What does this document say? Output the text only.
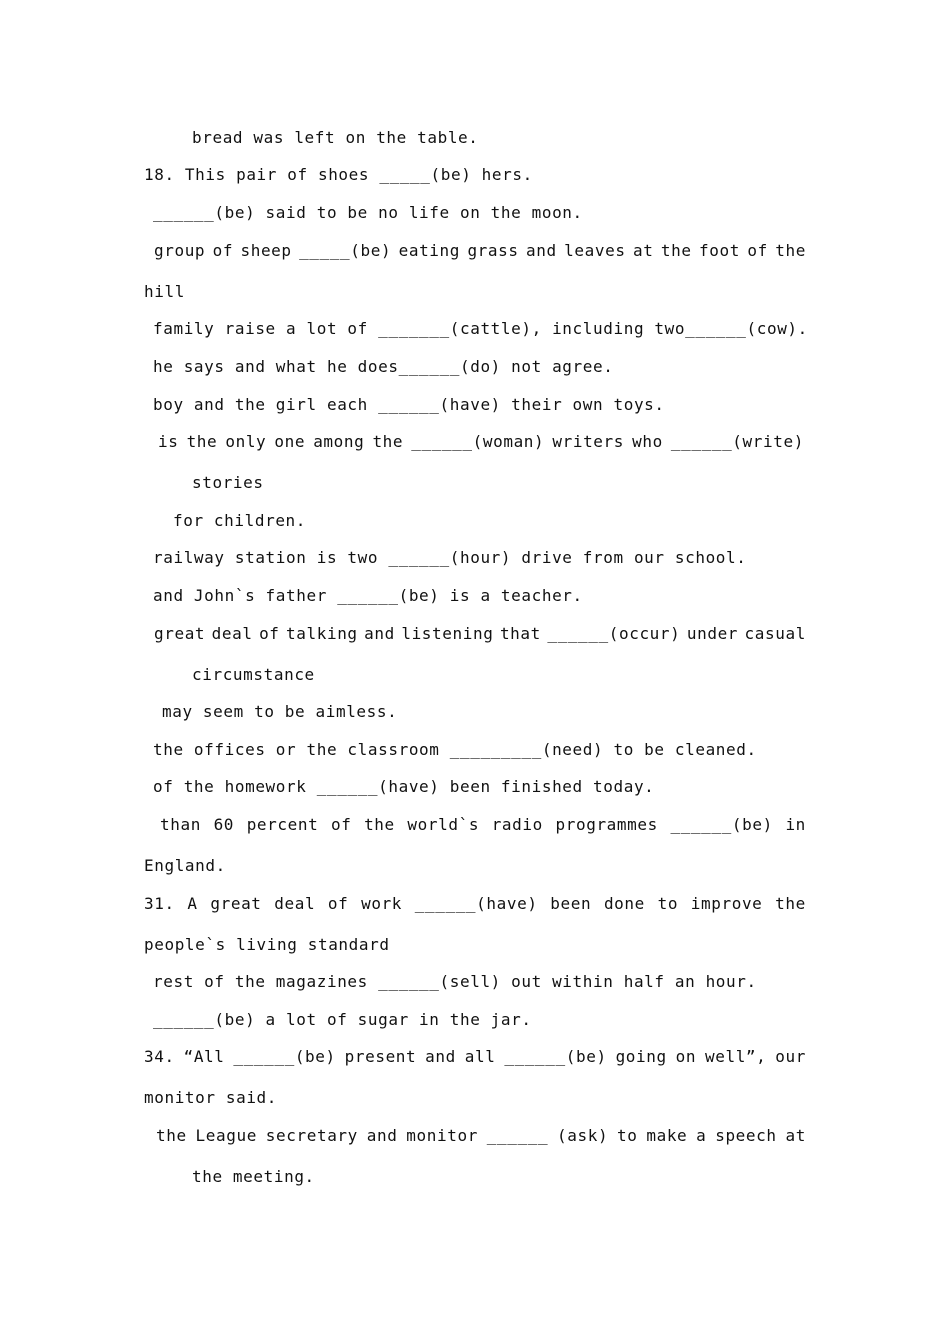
bread was left on the table.
18. This pair of shoes _____(be) hers.
______(be) said to be no life on the moon.
group of sheep _____(be) eating grass and leaves at the foot of the
hill
family raise a lot of _______(cattle), including two______(cow).
he says and what he does______(do) not agree.
boy and the girl each ______(have) their own toys.
is the only one among the ______(woman) writers who ______(write)
stories
for children.
railway station is two ______(hour) drive from our school.
and John`s father ______(be) is a teacher.
great deal of talking and listening that ______(occur) under casual
circumstance
may seem to be aimless.
the offices or the classroom _________(need) to be cleaned.
of the homework ______(have) been finished today.
than 60 percent of the world`s radio programmes ______(be) in
England.
31. A great deal of work ______(have) been done to improve the
people`s living standard
rest of the magazines ______(sell) out within half an hour.
______(be) a lot of sugar in the jar.
34. “All ______(be) present and all ______(be) going on well”, our
monitor said.
the League secretary and monitor ______ (ask) to make a speech at
the meeting.
